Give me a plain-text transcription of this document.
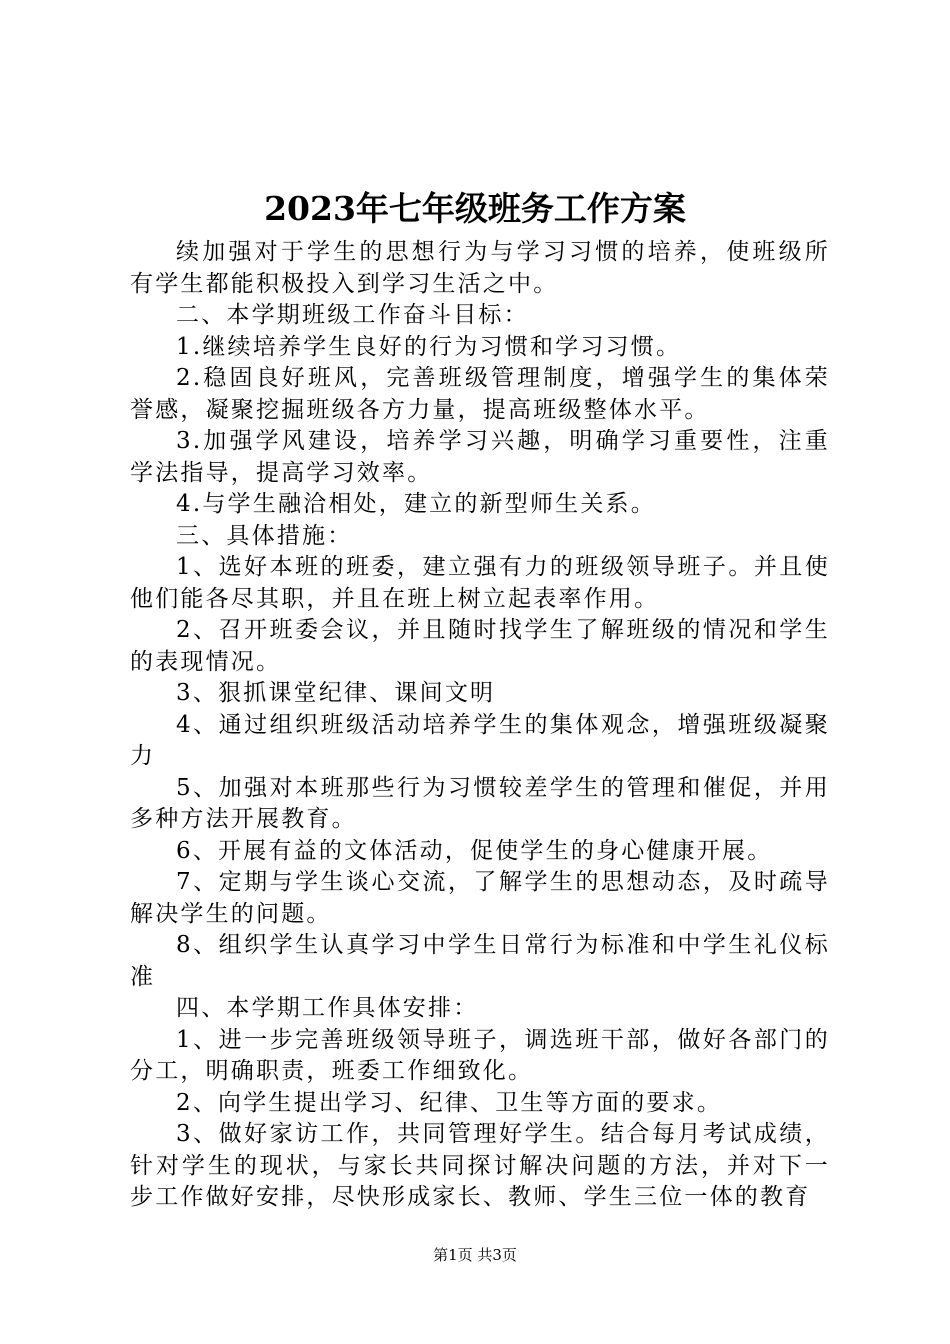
2023年七年级班务工作方案

续加强对于学生的思想行为与学习习惯的培养，使班级所有学生都能积极投入到学习生活之中。

二、本学期班级工作奋斗目标：

1.继续培养学生良好的行为习惯和学习习惯。

2.稳固良好班风，完善班级管理制度，增强学生的集体荣誉感，凝聚挖掘班级各方力量，提高班级整体水平。

3.加强学风建设，培养学习兴趣，明确学习重要性，注重学法指导，提高学习效率。

4.与学生融洽相处，建立的新型师生关系。

三、具体措施：

1、选好本班的班委，建立强有力的班级领导班子。并且使他们能各尽其职，并且在班上树立起表率作用。

2、召开班委会议，并且随时找学生了解班级的情况和学生的表现情况。

3、狠抓课堂纪律、课间文明

4、通过组织班级活动培养学生的集体观念，增强班级凝聚力

5、加强对本班那些行为习惯较差学生的管理和催促，并用多种方法开展教育。

6、开展有益的文体活动，促使学生的身心健康开展。

7、定期与学生谈心交流，了解学生的思想动态，及时疏导解决学生的问题。

8、组织学生认真学习中学生日常行为标准和中学生礼仪标准

四、本学期工作具体安排：

1、进一步完善班级领导班子，调选班干部，做好各部门的分工，明确职责，班委工作细致化。

2、向学生提出学习、纪律、卫生等方面的要求。

3、做好家访工作，共同管理好学生。结合每月考试成绩，针对学生的现状，与家长共同探讨解决问题的方法，并对下一步工作做好安排，尽快形成家长、教师、学生三位一体的教育

第1页 共3页
